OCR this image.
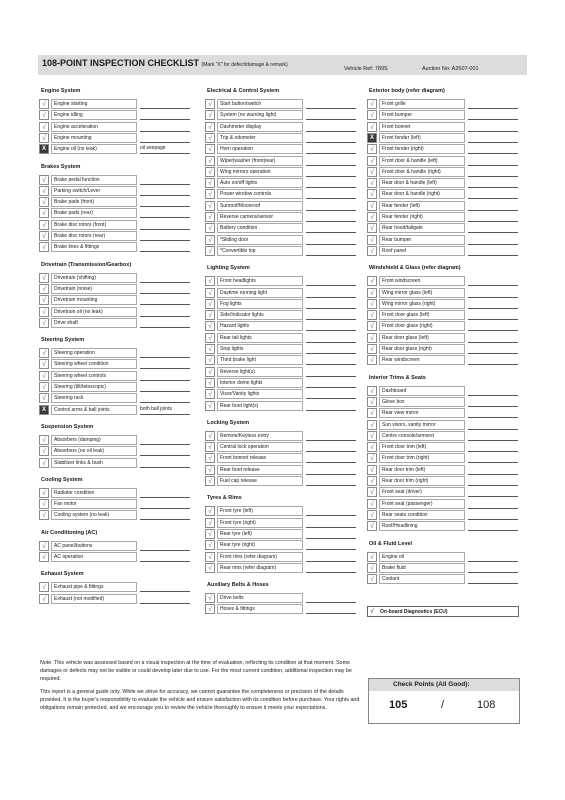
108-POINT INSPECTION CHECKLIST (Mark "X" for defect/damage & remark)
Vehicle Ref: 789S	Auction No: A2507-001
Engine System
√	Engine starting
√	Engine idling
√	Engine acceleration
√	Engine mounting
X	Engine oil (no leak)	oil seepage
Brakes System
√	Brake pedal function
√	Parking switch/Lever
√	Brake pads (front)
√	Brake pads (rear)
√	Brake disc rotors (front)
√	Brake disc rotors (rear)
√	Brake lines & fittings
Drivetrain (Transmission/Gearbox)
√	Drivetrain (shifting)
√	Drivetrain (noise)
√	Drivetrain mounting
√	Drivetrain oil (no leak)
√	Drive shaft
Steering System
√	Steering operation
√	Steering wheel condition
√	Steering wheel controls
√	Steering (tilt/telescopic)
√	Steering rack
X	Control arms & ball joints	both ball joints
Suspension System
√	Absorbers (damping)
√	Absorbers (no oil leak)
√	Stabilizer links & bush
Cooling System
√	Radiator condition
√	Fan motor
√	Cooling system (no leak)
Air Conditioning (AC)
√	AC panel/buttons
√	AC operation
Exhaust System
√	Exhaust pipe & fittings
√	Exhaust (not modified)
Electrical & Control System
√	Start button/switch
√	System (no warning light)
√	Dashmeter display
√	Trip & odometer
√	Horn operation
√	Wiper|washer (front|rear)
√	Wing mirrors operation
√	Auto on/off lights
√	Power window controls
√	Sunroof/Moonroof
√	Reverse camera/sensor
√	Battery condition
√	*Sliding door
√	*Convertible top
Lighting System
√	Front headlights
√	Daytime running light
√	Fog lights
√	Side/Indicator lights
√	Hazard lights
√	Rear tail lights
√	Stop lights
√	Third brake light
√	Reverse light(s)
√	Interior dome lights
√	Visor/Vanity lights
√	Rear boot light(s)
Locking System
√	Remote/Keyless entry
√	Central lock operation
√	Front bonnet release
√	Rear boot release
√	Fuel cap release
Tyres & Rims
√	Front tyre (left)
√	Front tyre (right)
√	Rear tyre (left)
√	Rear tyre (right)
√	Front rims (refer diagram)
√	Rear rims (refer diagram)
Auxiliary Belts & Hoses
√	Drive belts
√	Hoses & fittings
Exterior body (refer diagram)
√	Front grille
√	Front bumper
√	Front bonnet
X	Front fender (left)
√	Front fender (right)
√	Front door & handle (left)
√	Front door & handle (right)
√	Rear door & handle (left)
√	Rear door & handle (right)
√	Rear fender (left)
√	Rear fender (right)
√	Rear hood/tailgate
√	Rear bumper
√	Roof panel
Windshield & Glass (refer diagram)
√	Front windscreen
√	Wing mirror glass (left)
√	Wing mirror glass (right)
√	Front door glass (left)
√	Front door glass (right)
√	Rear door glass (left)
√	Rear door glass (right)
√	Rear windscreen
Interior Trims & Seats
√	Dashboard
√	Glove box
√	Rear view mirror
√	Sun visors, vanity mirror
√	Centre console/armrest
√	Front door trim (left)
√	Front door trim (right)
√	Rear door trim (left)
√	Rear door trim (right)
√	Front seat (driver)
√	Front seat (passenger)
√	Rear seats condition
√	Roof/Headlining
Oil & Fluid Level
√	Engine oil
√	Brake fluid
√	Coolant
√	On-board Diagnostics (ECU)

Note: This vehicle was assessed based on a visual inspection at the time of evaluation, reflecting its condition at that moment. Some damages or defects may not be visible or could develop later due to use. For the most current condition, additional inspection may be required.

This report is a general guide only. While we strive for accuracy, we cannot guarantee the completeness or precision of the details provided. It is the buyer's responsibility to evaluate the vehicle and ensure satisfaction with its condition before purchase. Your rights and obligations remain protected, and we encourage you to review the vehicle thoroughly to ensure it meets your expectations.

Check Points (All Good):
105	/	108
